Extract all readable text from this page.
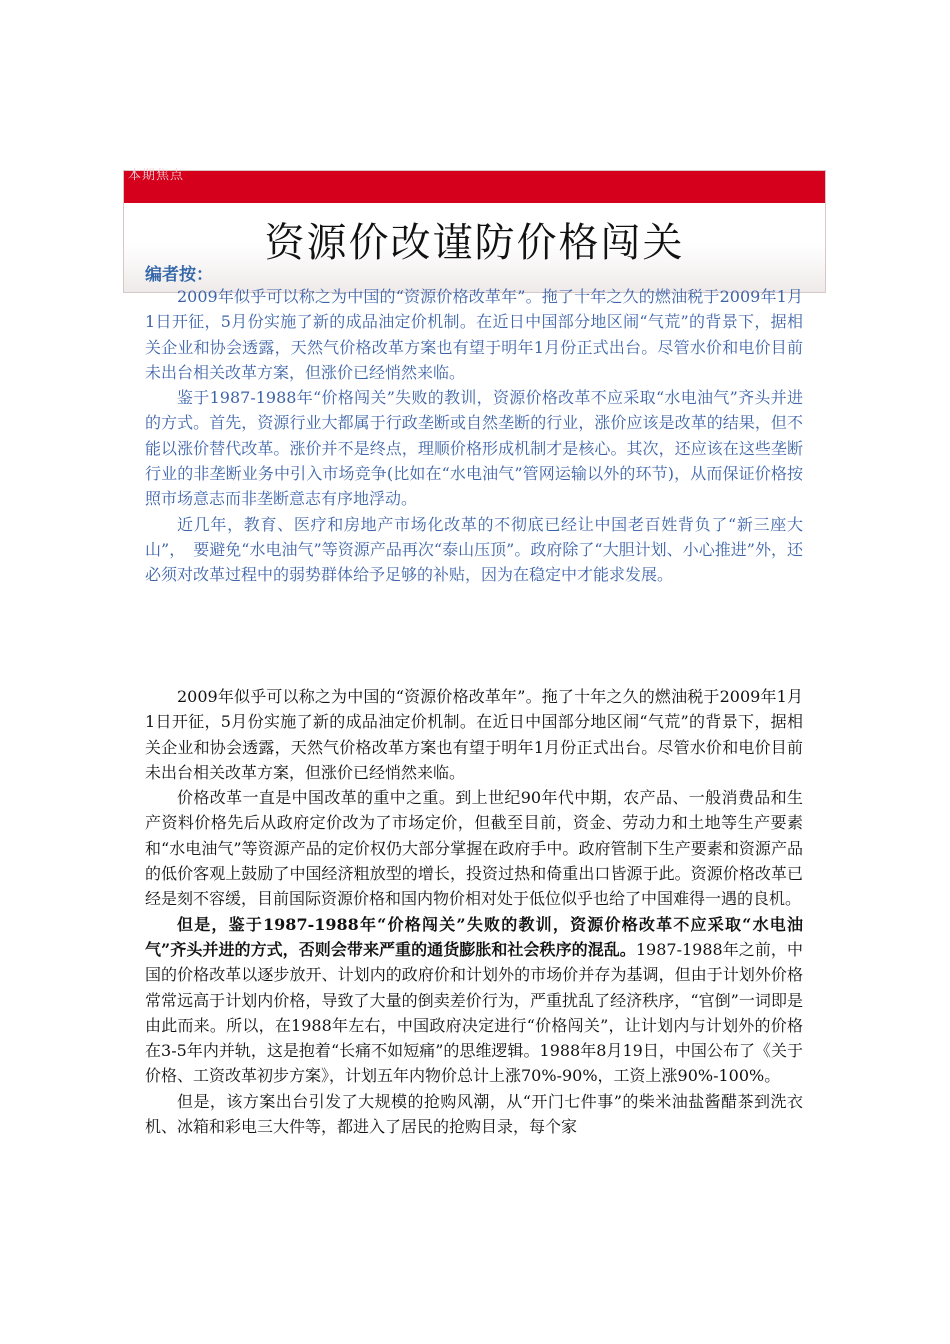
本期焦点
资源价改谨防价格闯关
编者按：

2009年似乎可以称之为中国的“资源价格改革年”。拖了十年之久的燃油税于2009年1月1日开征，5月份实施了新的成品油定价机制。在近日中国部分地区闹“气荒”的背景下，据相关企业和协会透露，天然气价格改革方案也有望于明年1月份正式出台。尽管水价和电价目前未出台相关改革方案，但涨价已经悄然来临。

鉴于1987-1988年“价格闯关”失败的教训，资源价格改革不应采取“水电油气”齐头并进的方式。首先，资源行业大都属于行政垄断或自然垄断的行业，涨价应该是改革的结果，但不能以涨价替代改革。涨价并不是终点，理顺价格形成机制才是核心。其次，还应该在这些垄断行业的非垄断业务中引入市场竞争(比如在“水电油气”管网运输以外的环节)，从而保证价格按照市场意志而非垄断意志有序地浮动。

近几年，教育、医疗和房地产市场化改革的不彻底已经让中国老百姓背负了“新三座大山”，　要避免“水电油气”等资源产品再次“泰山压顶”。政府除了“大胆计划、小心推进”外，还必须对改革过程中的弱势群体给予足够的补贴，因为在稳定中才能求发展。

2009年似乎可以称之为中国的“资源价格改革年”。拖了十年之久的燃油税于2009年1月1日开征，5月份实施了新的成品油定价机制。在近日中国部分地区闹“气荒”的背景下，据相关企业和协会透露，天然气价格改革方案也有望于明年1月份正式出台。尽管水价和电价目前未出台相关改革方案，但涨价已经悄然来临。

价格改革一直是中国改革的重中之重。到上世纪90年代中期，农产品、一般消费品和生产资料价格先后从政府定价改为了市场定价，但截至目前，资金、劳动力和土地等生产要素和“水电油气”等资源产品的定价权仍大部分掌握在政府手中。政府管制下生产要素和资源产品的低价客观上鼓励了中国经济粗放型的增长，投资过热和倚重出口皆源于此。资源价格改革已经是刻不容缓，目前国际资源价格和国内物价相对处于低位似乎也给了中国难得一遇的良机。

但是，鉴于1987-1988年“价格闯关”失败的教训，资源价格改革不应采取“水电油气”齐头并进的方式，否则会带来严重的通货膨胀和社会秩序的混乱。1987-1988年之前，中国的价格改革以逐步放开、计划内的政府价和计划外的市场价并存为基调，但由于计划外价格常常远高于计划内价格，导致了大量的倒卖差价行为，严重扰乱了经济秩序，“官倒”一词即是由此而来。所以，在1988年左右，中国政府决定进行“价格闯关”，让计划内与计划外的价格在3-5年内并轨，这是抱着“长痛不如短痛”的思维逻辑。1988年8月19日，中国公布了《关于价格、工资改革初步方案》，计划五年内物价总计上涨70%-90%，工资上涨90%-100%。

但是，该方案出台引发了大规模的抢购风潮，从“开门七件事”的柴米油盐酱醋茶到洗衣机、冰箱和彩电三大件等，都进入了居民的抢购目录，每个家
